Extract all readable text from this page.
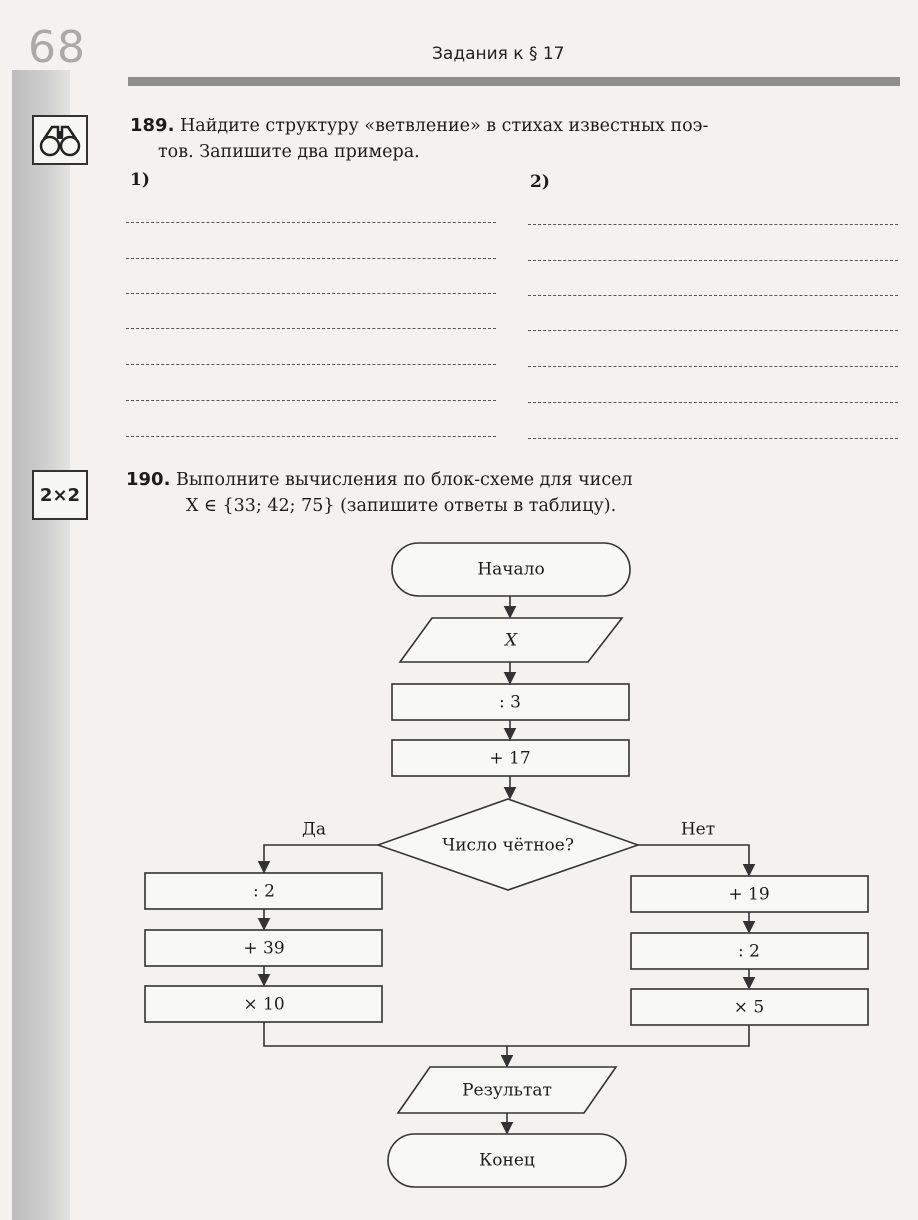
68	Задания к § 17
189. Найдите структуру «ветвление» в стихах известных поэ-
тов. Запишите два примера.
1)	2)
2×2
190. Выполните вычисления по блок-схеме для чисел
X ∈ {33; 42; 75} (запишите ответы в таблицу).
Начало
X
: 3
+ 17
Число чётное?
Да	Нет
: 2
+ 39
× 10
+ 19
: 2
× 5
Результат
Конец
